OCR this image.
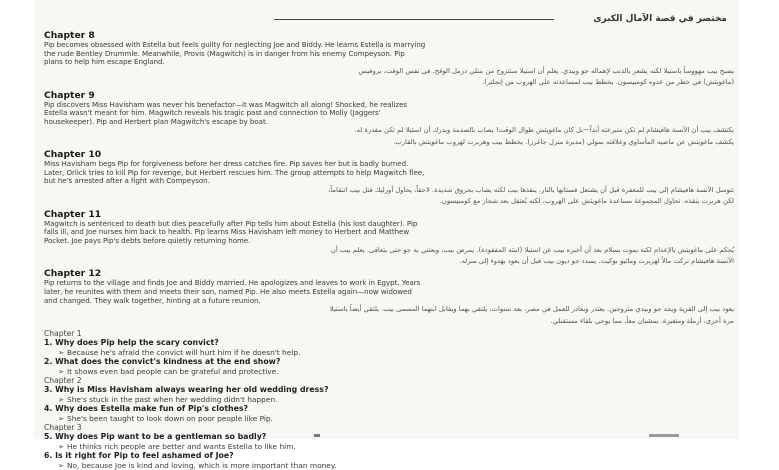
مختصر في قصة الآمال الكبرى
Chapter 8
Pip becomes obsessed with Estella but feels guilty for neglecting Joe and Biddy. He learns Estella is marrying
the rude Bentley Drummle. Meanwhile, Provis (Magwitch) is in danger from his enemy Compeyson. Pip
plans to help him escape England.
يصبح بيب مهووساً باستيلا لكنه يشعر بالذنب لإهماله جو وبيدي. يعلم أن استيلا ستتزوج من بنتلي درمل الوقح. في نفس الوقت، بروفيس
(ماغويتش) في خطر من عدوه كومبيسون. يخطط بيب لمساعدته على الهروب من إنجلترا.
Chapter 9
Pip discovers Miss Havisham was never his benefactor—it was Magwitch all along! Shocked, he realizes
Estella wasn't meant for him. Magwitch reveals his tragic past and connection to Molly (Jaggers'
housekeeper). Pip and Herbert plan Magwitch's escape by boat.
يكتشف بيب أن الآنسة هافيشام لم تكن متبرعته أبداً—بل كان ماغويتش طوال الوقت! يصاب بالصدمة ويدرك أن استيلا لم تكن مقدرة له.
يكشف ماغويتش عن ماضيه المأساوي وعلاقته بمولي (مدبرة منزل جاغرز). يخطط بيب وهربرت لهروب ماغويتش بالقارب.
Chapter 10
Miss Havisham begs Pip for forgiveness before her dress catches fire. Pip saves her but is badly burned.
Later, Orlick tries to kill Pip for revenge, but Herbert rescues him. The group attempts to help Magwitch flee,
but he's arrested after a fight with Compeyson.
تتوسل الآنسة هافيشام إلى بيب للمغفرة قبل أن يشتعل فستانها بالنار. ينقذها بيب لكنه يصاب بحروق شديدة. لاحقاً، يحاول أورليك قتل بيب انتقاماً،
لكن هربرت ينقذه. تحاول المجموعة مساعدة ماغويتش على الهروب، لكنه يُعتقل بعد شجار مع كومبيسون.
Chapter 11
Magwitch is sentenced to death but dies peacefully after Pip tells him about Estella (his lost daughter). Pip
falls ill, and Joe nurses him back to health. Pip learns Miss Havisham left money to Herbert and Matthew
Pocket. Joe pays Pip's debts before quietly returning home.
يُحكم على ماغويتش بالإعدام لكنه يموت بسلام بعد أن أخبره بيب عن استيلا (ابنته المفقودة). يمرض بيب، ويعتني به جو حتى يتعافى. يعلم بيب أن
الآنسة هافيشام تركت مالاً لهربرت وماثيو بوكيت. يسدد جو ديون بيب قبل أن يعود بهدوء إلى منزله.
Chapter 12
Pip returns to the village and finds Joe and Biddy married. He apologizes and leaves to work in Egypt. Years
later, he reunites with them and meets their son, named Pip. He also meets Estella again—now widowed
and changed. They walk together, hinting at a future reunion.
يعود بيب إلى القرية ويجد جو وبيدي متزوجين. يعتذر ويغادر للعمل في مصر. بعد سنوات، يلتقي بهما ويقابل ابنهما المسمى بيب. يلتقي أيضاً باستيلا
مرة أخرى، أرملة ومتغيرة. يمشيان معاً، مما يوحي بلقاء مستقبلي.
Chapter 1
1. Why does Pip help the scary convict?
➢ Because he's afraid the convict will hurt him if he doesn't help.
2. What does the convict's kindness at the end show?
➢ It shows even bad people can be grateful and protective.
Chapter 2
3. Why is Miss Havisham always wearing her old wedding dress?
➢ She's stuck in the past when her wedding didn't happen.
4. Why does Estella make fun of Pip's clothes?
➢ She's been taught to look down on poor people like Pip.
Chapter 3
5. Why does Pip want to be a gentleman so badly?
➢ He thinks rich people are better and wants Estella to like him.
6. Is it right for Pip to feel ashamed of Joe?
➢ No, because Joe is kind and loving, which is more important than money.
